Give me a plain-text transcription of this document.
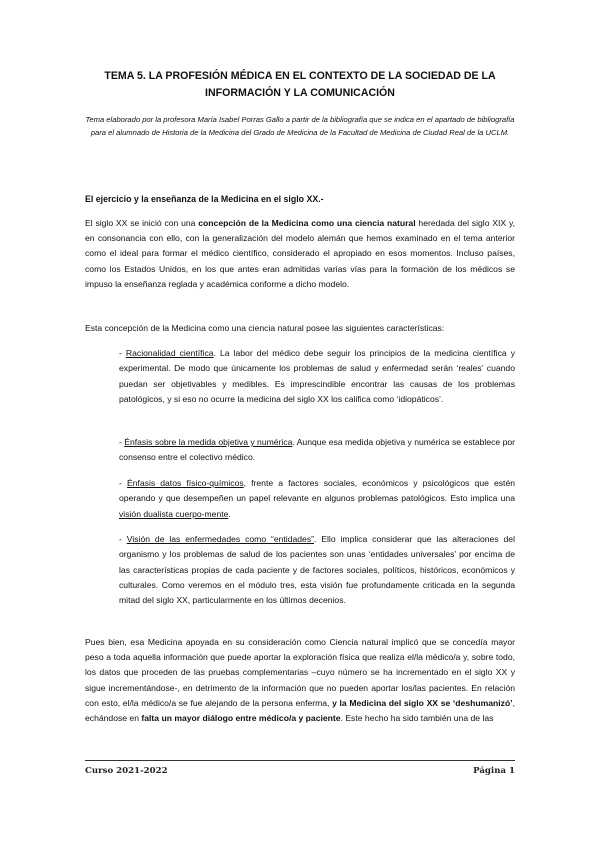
TEMA 5. LA PROFESIÓN MÉDICA EN EL CONTEXTO DE LA SOCIEDAD DE LA INFORMACIÓN Y LA COMUNICACIÓN
Tema elaborado por la profesora María Isabel Porras Gallo a partir de la bibliografía que se indica en el apartado de bibliografía para el alumnado de Historia de la Medicina del Grado de Medicina de la Facultad de Medicina de Ciudad Real de la UCLM.
El ejercicio y la enseñanza de la Medicina en el siglo XX.-
El siglo XX se inició con una concepción de la Medicina como una ciencia natural heredada del siglo XIX y, en consonancia con ello, con la generalización del modelo alemán que hemos examinado en el tema anterior como el ideal para formar el médico científico, considerado el apropiado en esos momentos. Incluso países, como los Estados Unidos, en los que antes eran admitidas varias vías para la formación de los médicos se impuso la enseñanza reglada y académica conforme a dicho modelo.
Esta concepción de la Medicina como una ciencia natural posee las siguientes características:
- Racionalidad científica. La labor del médico debe seguir los principios de la medicina científica y experimental. De modo que únicamente los problemas de salud y enfermedad serán ‘reales’ cuando puedan ser objetivables y medibles. Es imprescindible encontrar las causas de los problemas patológicos, y si eso no ocurre la medicina del siglo XX los califica como ‘idiopáticos’.
- Énfasis sobre la medida objetiva y numérica. Aunque esa medida objetiva y numérica se establece por consenso entre el colectivo médico.
- Énfasis datos físico-químicos, frente a factores sociales, económicos y psicológicos que estén operando y que desempeñen un papel relevante en algunos problemas patológicos. Esto implica una visión dualista cuerpo-mente.
- Visión de las enfermedades como “entidades”. Ello implica considerar que las alteraciones del organismo y los problemas de salud de los pacientes son unas ‘entidades universales’ por encima de las características propias de cada paciente y de factores sociales, políticos, históricos, económicos y culturales. Como veremos en el módulo tres, esta visión fue profundamente criticada en la segunda mitad del siglo XX, particularmente en los últimos decenios.
Pues bien, esa Medicina apoyada en su consideración como Ciencia natural implicó que se concedía mayor peso a toda aquella información que puede aportar la exploración física que realiza el/la médico/a y, sobre todo, los datos que proceden de las pruebas complementarias –cuyo número se ha incrementado en el siglo XX y sigue incrementándose-, en detrimento de la información que no pueden aportar los/las pacientes. En relación con esto, el/la médico/a se fue alejando de la persona enferma, y la Medicina del siglo XX se ‘deshumanizó’, echándose en falta un mayor diálogo entre médico/a y paciente. Este hecho ha sido también una de las
Curso 2021-2022	Página 1
